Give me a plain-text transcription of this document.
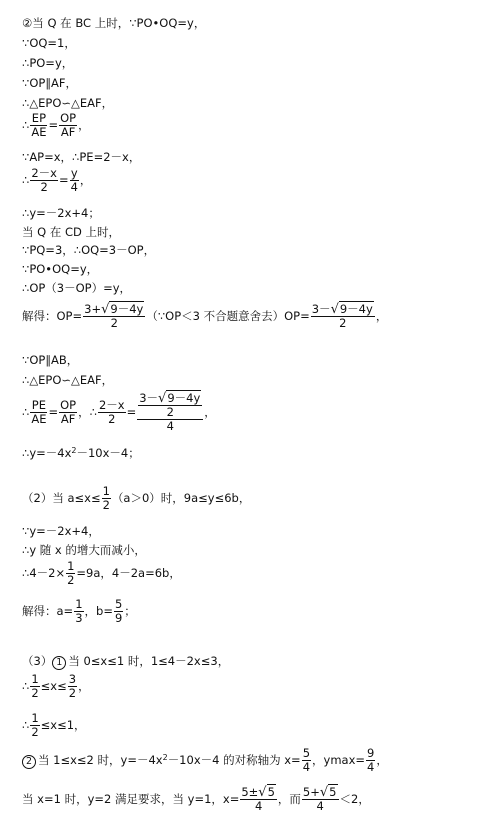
②当 Q 在 BC 上时，∵PO•OQ=y，
∵OQ=1，
∴PO=y，
∵OP∥AF，
∴△EPO∽△EAF，
∴ $\frac{EP}{AE} = \frac{OP}{AF}$ ，
∵AP=x，∴PE=2－x，
∴ $\frac{2-x}{2} = \frac{y}{4}$ ，
∴y=－2x+4；
当 Q 在 CD 上时，
∵PQ=3，∴OQ=3－OP，
∵PO•OQ=y，
∴OP（3－OP）=y，
解得：$OP= \frac{3+√9-4y}{2}$ （∵OP＜3 不合题意舍去）$OP= \frac{3-√9-4y}{2}$ ，
∵OP∥AB，
∴△EPO∽△EAF，
∴ $\frac{PE}{AE} = \frac{OP}{AF}$ ，∴ $\frac{2-x}{2} = \frac{\frac{3-√9-4y}{2}}{4}$ ，
$\therefore y=-4x^2-10x-4$；
（2）当 $a\le x\le \frac{1}{2} (a>0)$时，9a≤y≤6b，
∵y=－2x+4，
∴y 随 x 的增大而减小，
∴4－2× $\frac{1}{2} =9a$，4－2a=6b，
解得：$a= \frac{1}{3}$ ，$b= \frac{5}{9}$ ；
（3） 1 当 0≤x≤1 时，1≤4－2x≤3，
∴ $\frac{1}{2} \le x\le \frac{3}{2}$ ，
∴ $\frac{1}{2} \le x\le 1$，
2 当 1≤x≤2 时，$y=-4x^2-10x-4$ 的对称轴为 $x= \frac{5}{4}$ ，$ymax= \frac{9}{4}$ ，
当 x=1 时，y=2 满足要求，当 y=1，$x= \frac{5\pm√5}{4}$ ，而 $\frac{5+√5}{4} <2$，
